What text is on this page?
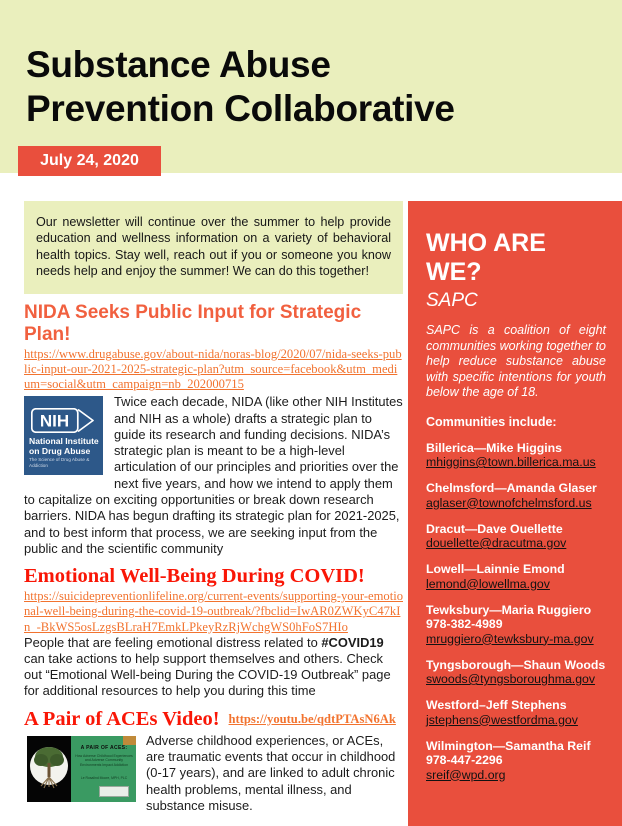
Substance Abuse
Prevention Collaborative
July 24, 2020
WHO ARE WE?
SAPC

SAPC is a coalition of eight communities working together to help reduce substance abuse with specific intentions for youth below the age of 18.

Communities include:
Billerica—Mike Higgins
mhiggins@town.billerica.ma.us
Chelmsford—Amanda Glaser
aglaser@townofchelmsford.us
Dracut—Dave Ouellette
douellette@dracutma.gov
Lowell—Lainnie Emond
lemond@lowellma.gov
Tewksbury—Maria Ruggiero
978-382-4989
mruggiero@tewksbury-ma.gov
Tyngsborough—Shaun Woods
swoods@tyngsboroughma.gov
Westford–Jeff Stephens
jstephens@westfordma.gov
Wilmington—Samantha Reif
978-447-2296
sreif@wpd.org

Our newsletter will continue over the summer to help provide education and wellness information on a variety of behavioral health topics. Stay well, reach out if you or someone you know needs help and enjoy the summer! We can do this together!

NIDA Seeks Public Input for Strategic Plan!
https://www.drugabuse.gov/about-nida/noras-blog/2020/07/nida-seeks-public-input-our-2021-2025-strategic-plan?utm_source=facebook&utm_medium=social&utm_campaign=nb_202000715
NIH
National Institute on Drug Abuse
The Science of Drug Abuse & Addiction

Twice each decade, NIDA (like other NIH Institutes and NIH as a whole) drafts a strategic plan to guide its research and funding decisions. NIDA’s strategic plan is meant to be a high-level articulation of our principles and priorities over the next five years, and how we intend to apply them to capitalize on exciting opportunities or break down research barriers. NIDA has begun drafting its strategic plan for 2021-2025, and to best inform that process, we are seeking input from the public and the scientific community

Emotional Well-Being During COVID!
https://suicidepreventionlifeline.org/current-events/supporting-your-emotional-well-being-during-the-covid-19-outbreak/?fbclid=IwAR0ZWKyC47kIn_-BkWS5osLzgsBLraH7EmkLPkeyRzRjWchgWS0hFoS7HIo

People that are feeling emotional distress related to #COVID19 can take actions to help support themselves and others. Check out “Emotional Well-being During the COVID-19 Outbreak” page for additional resources to help you during this time

A Pair of ACEs Video! https://youtu.be/qdtPTAsN6Ak
A PAIR OF ACES:
How Adverse Childhood Experiences and Adverse Community Environments Impact Addiction
Le Rosalind Moore, MPH, PLC

Adverse childhood experiences, or ACEs, are traumatic events that occur in childhood (0-17 years), and are linked to adult chronic health problems, mental illness, and substance misuse.
